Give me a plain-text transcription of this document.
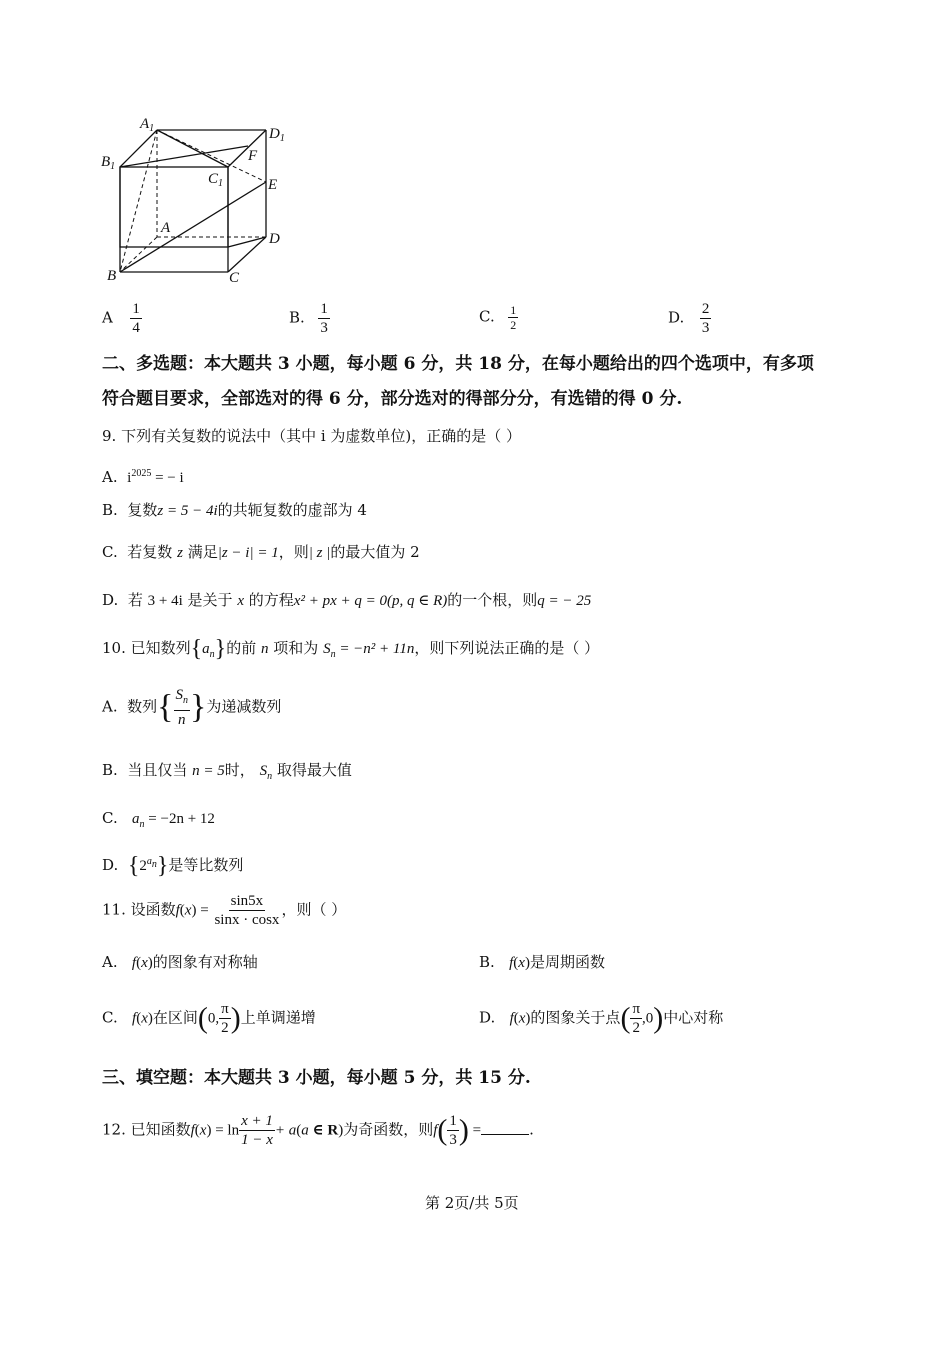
$A_1$	$D_1$
$B_1$
$C_1$
F
E
A
D
B	C
A $\frac{1}{4}$	B. $\frac{1}{3}$	C. $\frac{1}{2}$	D. $\frac{2}{3}$
二、多选题：本大题共 3 小题，每小题 6 分，共 18 分，在每小题给出的四个选项中，有多项
符合题目要求，全部选对的得 6 分，部分选对的得部分分，有选错的得 0 分.
9. 下列有关复数的说法中（其中 i 为虚数单位)，正确的是（ ）
A. $i^{2025}$ = − i
B. 复数z = 5 − 4i的共轭复数的虚部为 4
C. 若复数 z 满足|z − i| = 1，则| z |的最大值为 2
D. 若 3 + 4i 是关于 x 的方程x² + px + q = 0(p, q ∈ R)的一个根，则q = − 25
10. 已知数列$\{a_n\}$的前 n 项和为 $S_n = -n^2 + 11n$，则下列说法正确的是（ ）
A. 数列{ $\frac{S_n}{n}$ }为递减数列
B. 当且仅当 n = 5时， $S_n$ 取得最大值
C. $a_n = -2n + 12$
D. $\{2^{a_n}\}$是等比数列
11. 设函数$f(x) = \frac{\sin 5x}{\sin x \cdot \cos x}$ ，则（ ）
A. f(x)的图象有对称轴	B. f(x)是周期函数
C. f(x)在区间(0, $\frac{\pi}{2}$ )上单调递增	D. f(x)的图象关于点( $\frac{\pi}{2} ,0$)中心对称
三、填空题：本大题共 3 小题，每小题 5 分，共 15 分.
12. 已知函数$f(x) = \ln \frac{x + 1}{1 - x} + a(a$ ∈ R)为奇函数，则$f( \frac{1}{3}$ ) =	.
第 2页/共 5页
